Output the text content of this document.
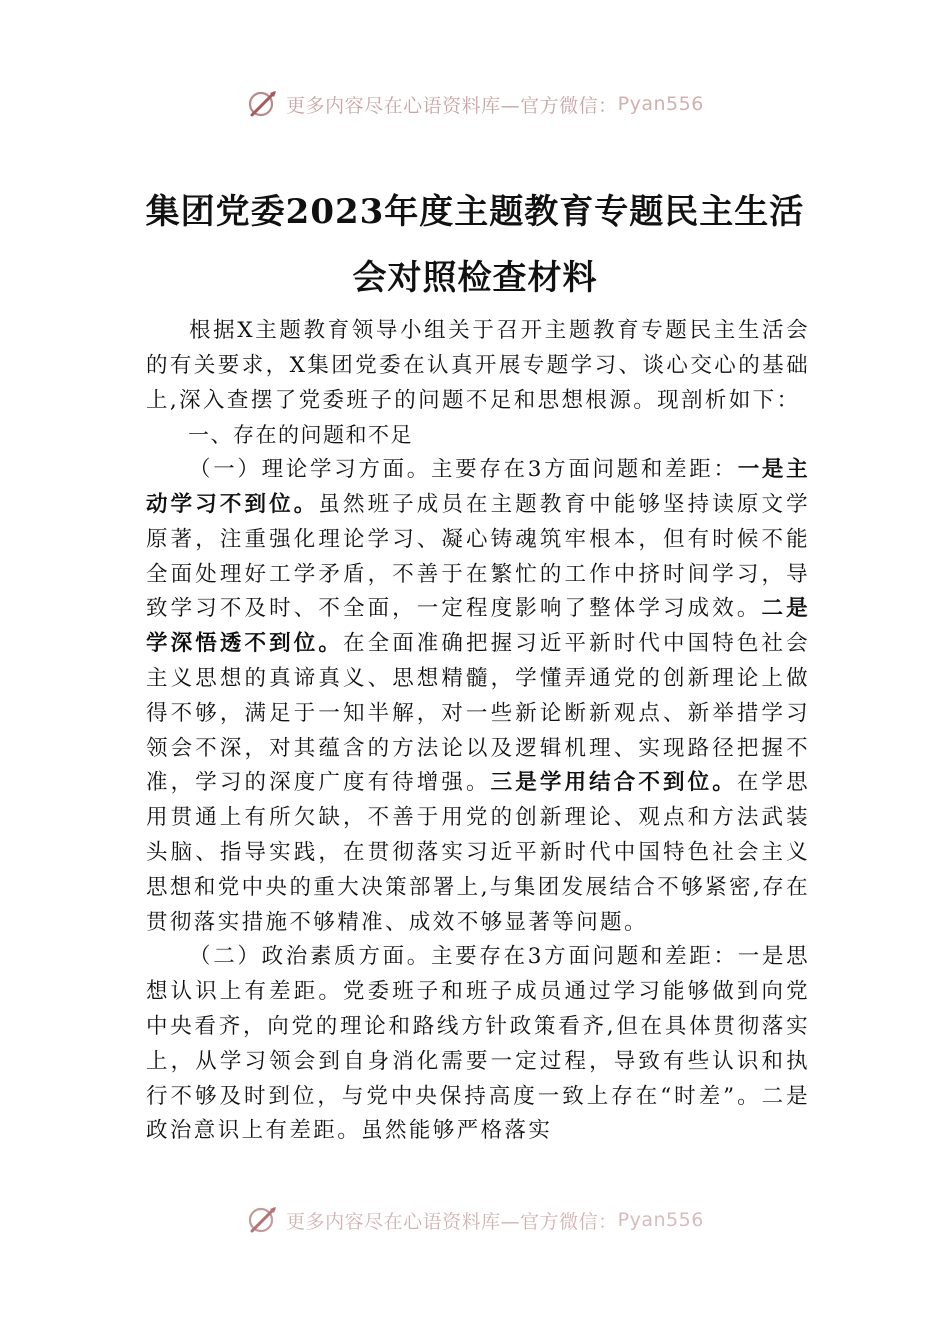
更多内容尽在心语资料库—官方微信： Pyan556
集团党委2023年度主题教育专题民主生活
会对照检查材料

根据X主题教育领导小组关于召开主题教育专题民主生活会的有关要求，X集团党委在认真开展专题学习、谈心交心的基础上,深入查摆了党委班子的问题不足和思想根源。现剖析如下：

一、存在的问题和不足

（一）理论学习方面。主要存在3方面问题和差距：一是主动学习不到位。虽然班子成员在主题教育中能够坚持读原文学原著，注重强化理论学习、凝心铸魂筑牢根本，但有时候不能全面处理好工学矛盾，不善于在繁忙的工作中挤时间学习，导致学习不及时、不全面，一定程度影响了整体学习成效。二是学深悟透不到位。在全面准确把握习近平新时代中国特色社会主义思想的真谛真义、思想精髓，学懂弄通党的创新理论上做得不够，满足于一知半解，对一些新论断新观点、新举措学习领会不深，对其蕴含的方法论以及逻辑机理、实现路径把握不准，学习的深度广度有待增强。三是学用结合不到位。在学思用贯通上有所欠缺，不善于用党的创新理论、观点和方法武装头脑、指导实践，在贯彻落实习近平新时代中国特色社会主义思想和党中央的重大决策部署上,与集团发展结合不够紧密,存在贯彻落实措施不够精准、成效不够显著等问题。

（二）政治素质方面。主要存在3方面问题和差距：一是思想认识上有差距。党委班子和班子成员通过学习能够做到向党中央看齐，向党的理论和路线方针政策看齐,但在具体贯彻落实上，从学习领会到自身消化需要一定过程，导致有些认识和执行不够及时到位，与党中央保持高度一致上存在“时差”。二是政治意识上有差距。虽然能够严格落实

更多内容尽在心语资料库—官方微信： Pyan556
